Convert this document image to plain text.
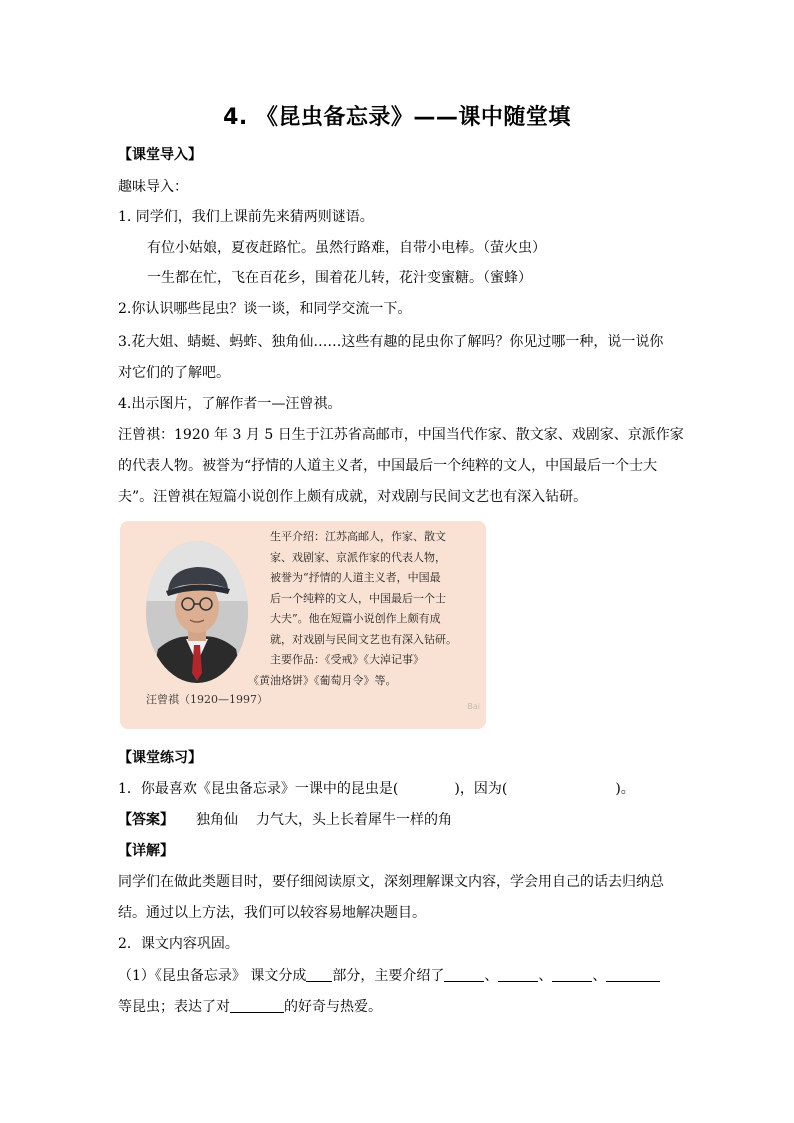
4. 《昆虫备忘录》——课中随堂填
【课堂导入】
趣味导入：
1. 同学们，我们上课前先来猜两则谜语。
有位小姑娘，夏夜赶路忙。虽然行路难，自带小电棒。（萤火虫）
一生都在忙，飞在百花乡，围着花儿转，花汁变蜜糖。（蜜蜂）
2.你认识哪些昆虫？谈一谈，和同学交流一下。
3.花大姐、蜻蜓、蚂蚱、独角仙……这些有趣的昆虫你了解吗？你见过哪一种，说一说你
对它们的了解吧。
4.出示图片，了解作者一—汪曾祺。
汪曾祺：1920 年 3 月 5 日生于江苏省高邮市，中国当代作家、散文家、戏剧家、京派作家
的代表人物。被誉为“抒情的人道主义者，中国最后一个纯粹的文人，中国最后一个士大
夫”。汪曾祺在短篇小说创作上颇有成就，对戏剧与民间文艺也有深入钻研。
汪曾祺（1920—1997）
生平介绍：江苏高邮人，作家、散文
家、戏剧家、京派作家的代表人物，
被誉为“抒情的人道主义者，中国最
后一个纯粹的文人，中国最后一个士
大夫”。他在短篇小说创作上颇有成
就，对戏剧与民间文艺也有深入钻研。
主要作品：《受戒》《大淖记事》
《黄油烙饼》《葡萄月令》等。
Bai
【课堂练习】
1．你最喜欢《昆虫备忘录》一课中的昆虫是(	)，因为(	)。
【答案】 独角仙 力气大，头上长着犀牛一样的角
【详解】
同学们在做此类题目时，要仔细阅读原文，深刻理解课文内容，学会用自己的话去归纳总
结。通过以上方法，我们可以较容易地解决题目。
2．课文内容巩固。
（1）《昆虫备忘录》 课文分成 部分，主要介绍了	、	、	、
等昆虫；表达了对	的好奇与热爱。
